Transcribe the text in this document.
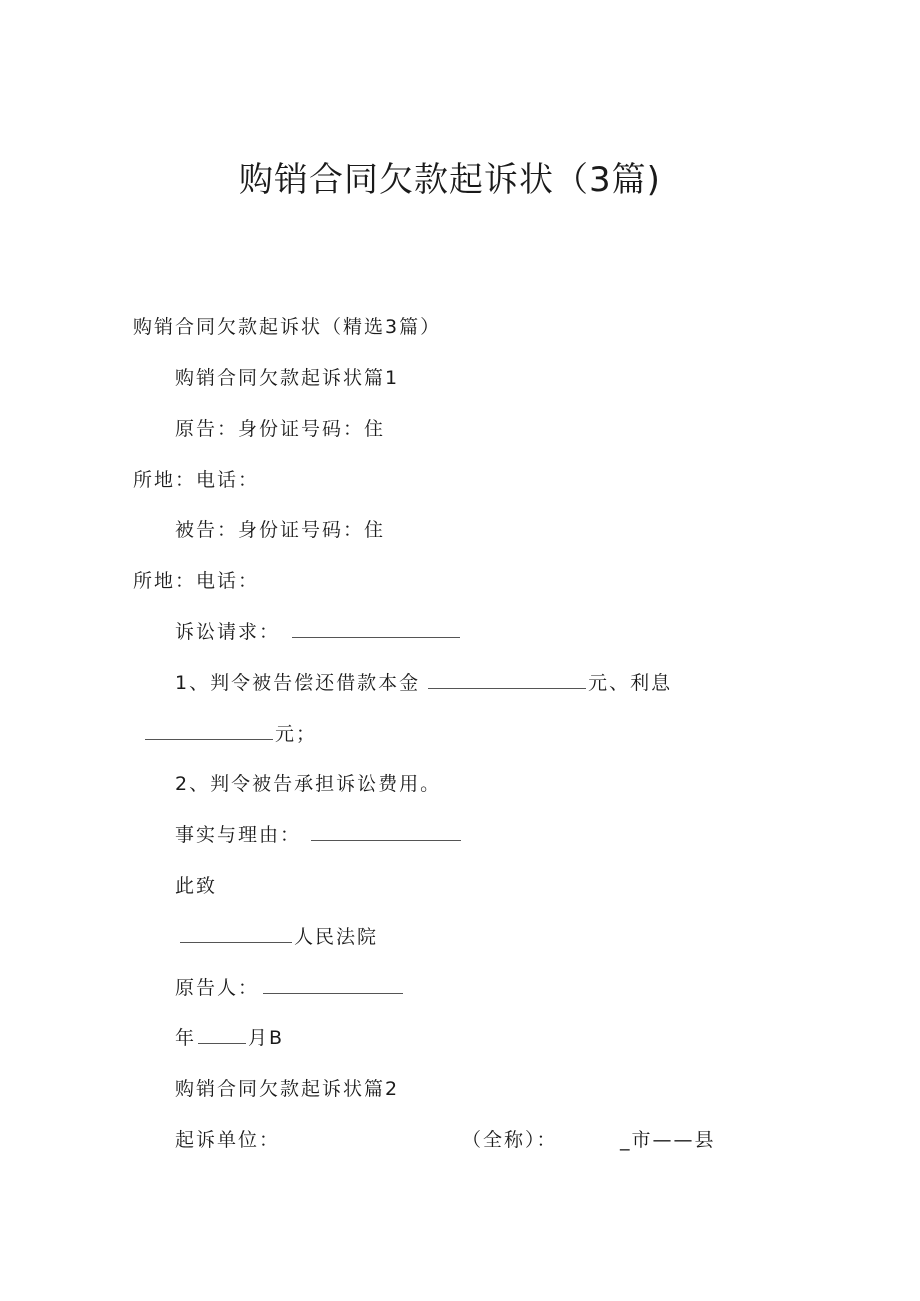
购销合同欠款起诉状（3篇)
购销合同欠款起诉状（精选3篇）
购销合同欠款起诉状篇1
原告：身份证号码：住
所地：电话：
被告：身份证号码：住
所地：电话：
诉讼请求：
1、判令被告偿还借款本金	元、利息
元；
2、判令被告承担诉讼费用。
事实与理由：
此致
人民法院
原告人：
年	月B
购销合同欠款起诉状篇2
起诉单位：	（全称）：	_市——县
